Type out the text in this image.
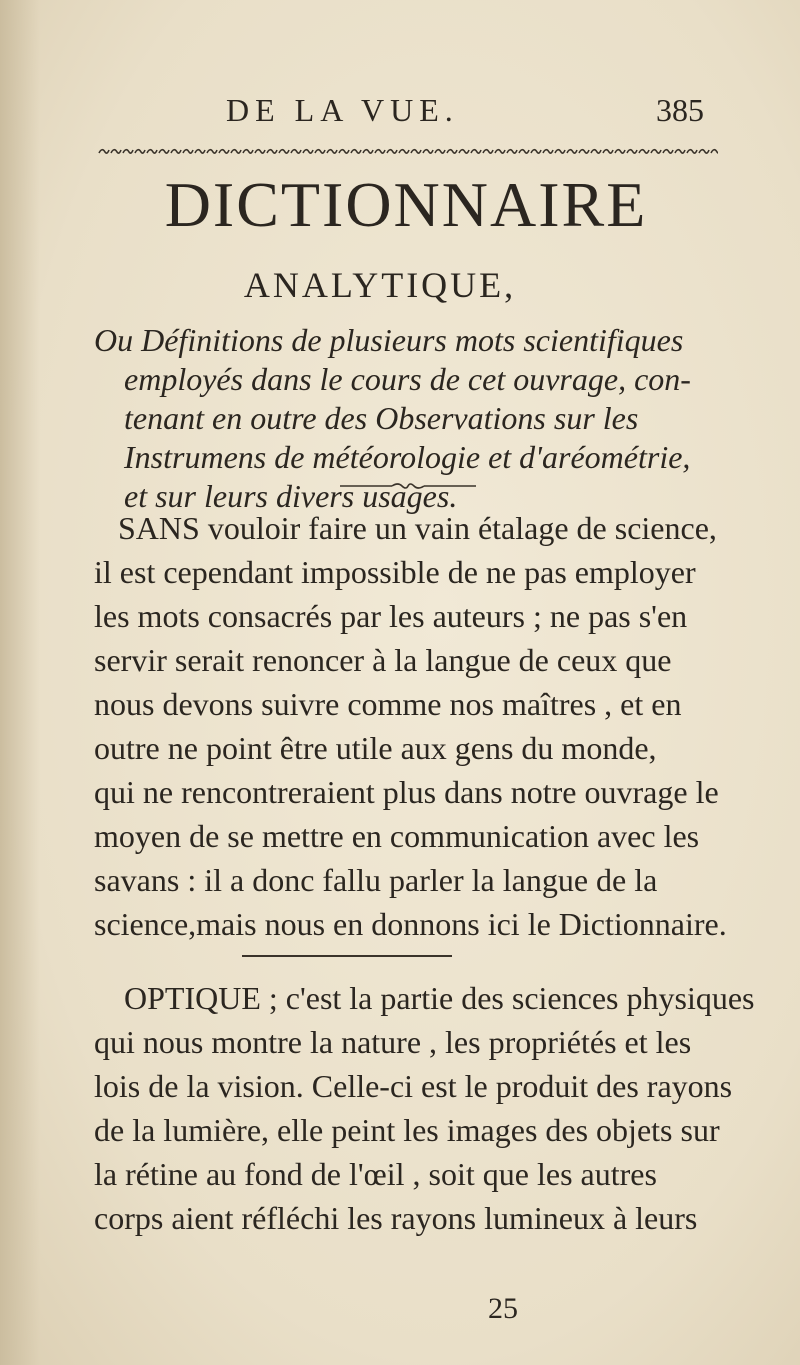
DE LA VUE.	385
DICTIONNAIRE
ANALYTIQUE,
Ou Définitions de plusieurs mots scientifiques
employés dans le cours de cet ouvrage, con-
tenant en outre des Observations sur les
Instrumens de météorologie et d'aréométrie,
et sur leurs divers usages.
SANS vouloir faire un vain étalage de science,
il est cependant impossible de ne pas employer
les mots consacrés par les auteurs ; ne pas s'en
servir serait renoncer à la langue de ceux que
nous devons suivre comme nos maîtres , et en
outre ne point être utile aux gens du monde,
qui ne rencontreraient plus dans notre ouvrage le
moyen de se mettre en communication avec les
savans : il a donc fallu parler la langue de la
science,mais nous en donnons ici le Dictionnaire.
OPTIQUE ; c'est la partie des sciences physiques
qui nous montre la nature , les propriétés et les
lois de la vision. Celle-ci est le produit des rayons
de la lumière, elle peint les images des objets sur
la rétine au fond de l'œil , soit que les autres
corps aient réfléchi les rayons lumineux à leurs
25
